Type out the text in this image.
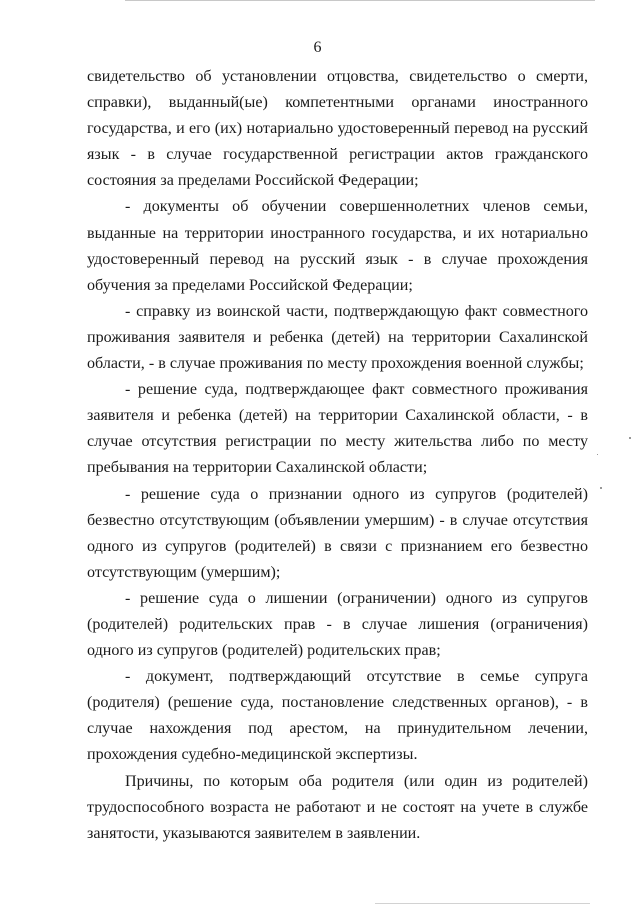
6

свидетельство об установлении отцовства, свидетельство о смерти, справки), выданный(ые) компетентными органами иностранного государства, и его (их) нотариально удостоверенный перевод на русский язык - в случае государственной регистрации актов гражданского состояния за пределами Российской Федерации;

- документы об обучении совершеннолетних членов семьи, выданные на территории иностранного государства, и их нотариально удостоверенный перевод на русский язык - в случае прохождения обучения за пределами Российской Федерации;

- справку из воинской части, подтверждающую факт совместного проживания заявителя и ребенка (детей) на территории Сахалинской области, - в случае проживания по месту прохождения военной службы;

- решение суда, подтверждающее факт совместного проживания заявителя и ребенка (детей) на территории Сахалинской области, - в случае отсутствия регистрации по месту жительства либо по месту пребывания на территории Сахалинской области;

- решение суда о признании одного из супругов (родителей) безвестно отсутствующим (объявлении умершим) - в случае отсутствия одного из супругов (родителей) в связи с признанием его безвестно отсутствующим (умершим);

- решение суда о лишении (ограничении) одного из супругов (родителей) родительских прав - в случае лишения (ограничения) одного из супругов (родителей) родительских прав;

- документ, подтверждающий отсутствие в семье супруга (родителя) (решение суда, постановление следственных органов), - в случае нахождения под арестом, на принудительном лечении, прохождения судебно-медицинской экспертизы.

Причины, по которым оба родителя (или один из родителей) трудоспособного возраста не работают и не состоят на учете в службе занятости, указываются заявителем в заявлении.
